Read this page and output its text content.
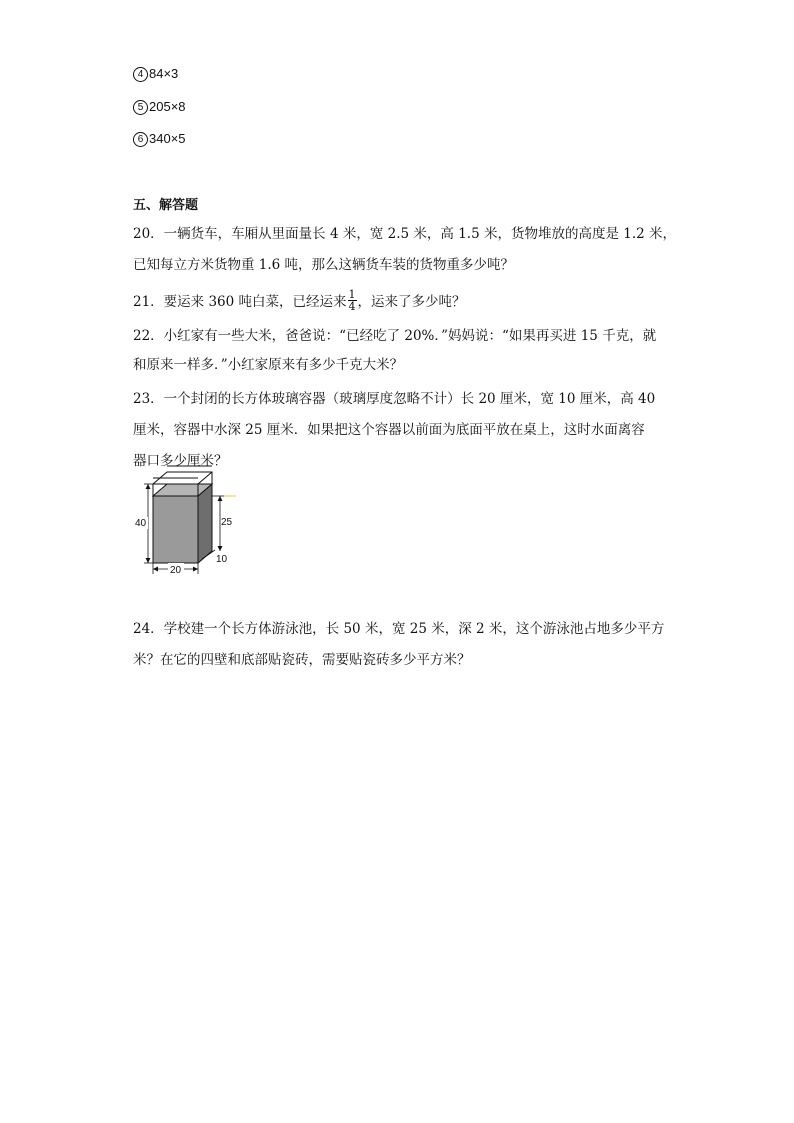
4 84×3
5 205×8
6 340×5
五、解答题
20．一辆货车，车厢从里面量长 4 米，宽 2.5 米，高 1.5 米，货物堆放的高度是 1.2 米，
已知每立方米货物重 1.6 吨，那么这辆货车装的货物重多少吨？
21．要运来 360 吨白菜，已经运来 $\frac{1}{4}$ ，运来了多少吨？
22．小红家有一些大米，爸爸说：“已经吃了 20%．”妈妈说：“如果再买进 15 千克，就
和原来一样多．”小红家原来有多少千克大米？
23．一个封闭的长方体玻璃容器（玻璃厚度忽略不计）长 20 厘米，宽 10 厘米，高 40
厘米，容器中水深 25 厘米．如果把这个容器以前面为底面平放在桌上，这时水面离容
器口多少厘米？
40	25
10
20
24．学校建一个长方体游泳池，长 50 米，宽 25 米，深 2 米，这个游泳池占地多少平方
米？在它的四壁和底部贴瓷砖，需要贴瓷砖多少平方米？
